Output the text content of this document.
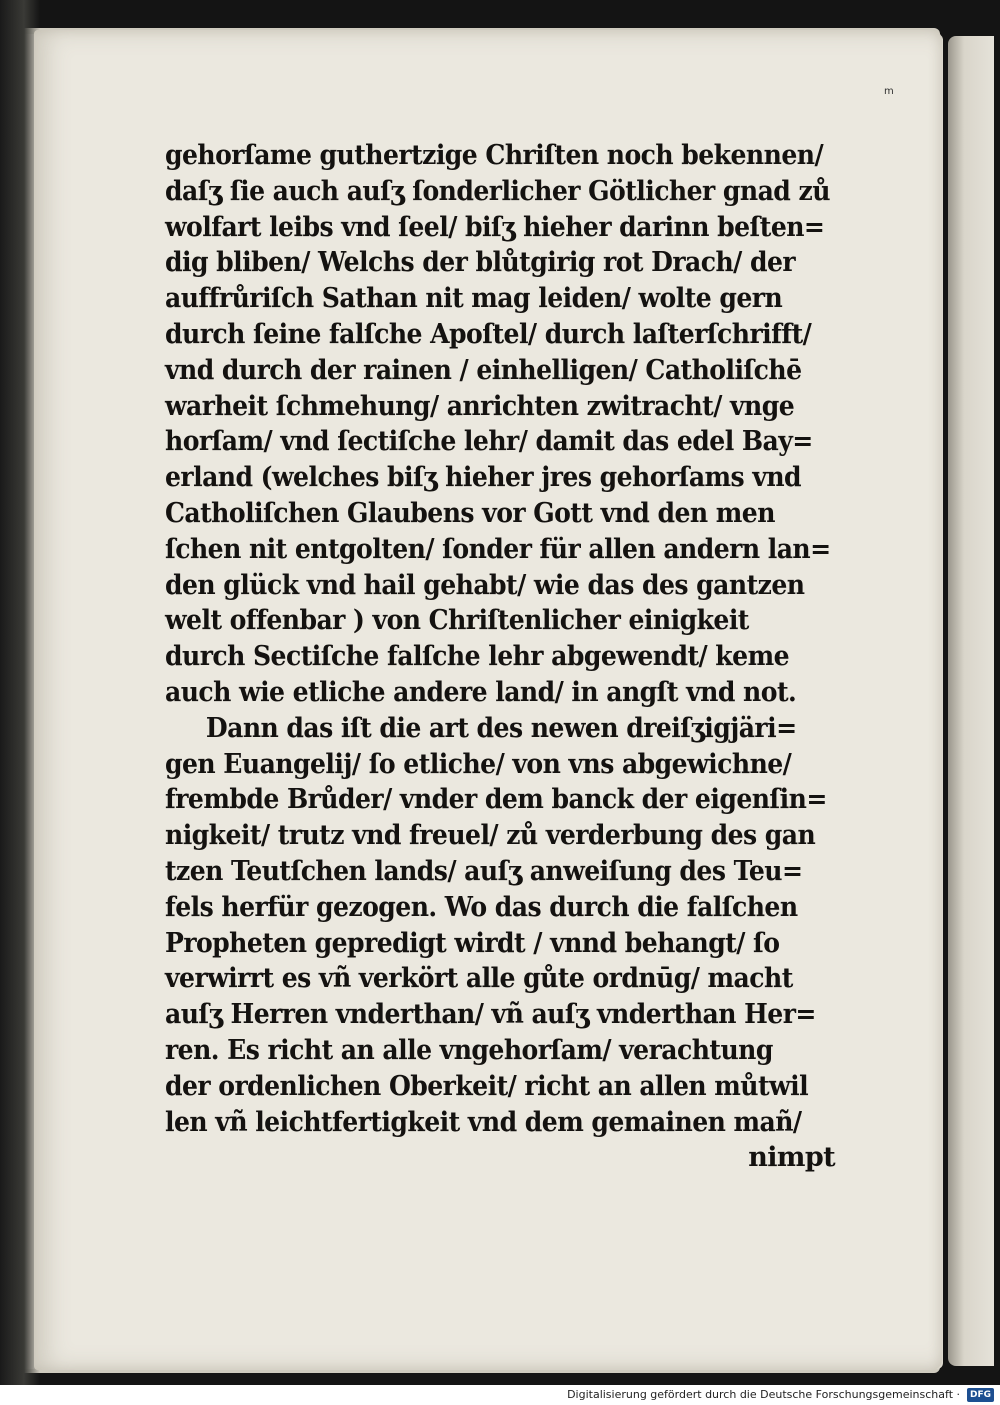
m
gehorſame guthertzige Chriſten noch bekennen/
daſʒ ſie auch auſʒ ſonderlicher Götlicher gnad zů
wolfart leibs vnd ſeel/ biſʒ hieher darinn beſten=
dig bliben/ Welchs der blůtgirig rot Drach/ der
auffrůriſch Sathan nit mag leiden/ wolte gern
durch ſeine falſche Apoſtel/ durch laſterſchrifft/
vnd durch der rainen / einhelligen/ Catholiſchē
warheit ſchmehung/ anrichten zwitracht/ vnge
horſam/ vnd ſectiſche lehr/ damit das edel Bay=
erland (welches biſʒ hieher jres gehorſams vnd
Catholiſchen Glaubens vor Gott vnd den men
ſchen nit entgolten/ ſonder für allen andern lan=
den glück vnd hail gehabt/ wie das des gantzen
welt offenbar ) von Chriſtenlicher einigkeit
durch Sectiſche falſche lehr abgewendt/ keme
auch wie etliche andere land/ in angſt vnd not.
Dann das iſt die art des newen dreiſʒigjäri=
gen Euangelij/ ſo etliche/ von vns abgewichne/
frembde Brůder/ vnder dem banck der eigenſin=
nigkeit/ trutz vnd freuel/ zů verderbung des gan
tzen Teutſchen lands/ auſʒ anweiſung des Teu=
fels herfür gezogen. Wo das durch die falſchen
Propheten gepredigt wirdt / vnnd behangt/ ſo
verwirrt es vñ verkört alle gůte ordnūg/ macht
auſʒ Herren vnderthan/ vñ auſʒ vnderthan Her=
ren. Es richt an alle vngehorſam/ verachtung
der ordenlichen Oberkeit/ richt an allen můtwil
len vñ leichtfertigkeit vnd dem gemainen mañ/
nimpt
Digitalisierung gefördert durch die Deutsche Forschungsgemeinschaft ·	DFG
